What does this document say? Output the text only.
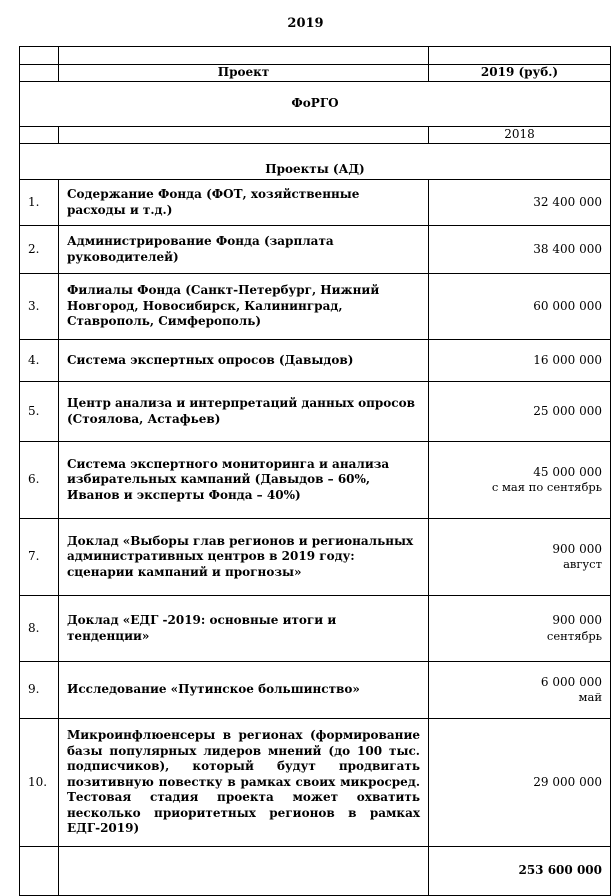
2019

	Проект	2019 (руб.)
ФоРГО		
		2018
Проекты (АД)		
1.	Содержание Фонда (ФОТ, хозяйственные расходы и т.д.)	32 400 000
2.	Администрирование Фонда (зарплата руководителей)	38 400 000
3.	Филиалы Фонда (Санкт-Петербург, Нижний Новгород, Новосибирск, Калининград, Ставрополь, Симферополь)	60 000 000
4.	Система экспертных опросов (Давыдов)	16 000 000
5.	Центр анализа и интерпретаций данных опросов (Стоялова, Астафьев)	25 000 000
6.	Система экспертного мониторинга и анализа избирательных кампаний (Давыдов – 60%, Иванов и эксперты Фонда – 40%)	45 000 000
с мая по сентябрь

7.	Доклад «Выборы глав регионов и региональных административных центров в 2019 году: сценарии кампаний и прогнозы»	900 000
август

8.	Доклад «ЕДГ -2019: основные итоги и тенденции»	900 000
сентябрь

9.	Исследование «Путинское большинство»	6 000 000
май

10.	Микроинфлюенсеры в регионах (формирование базы популярных лидеров мнений (до 100 тыс. подписчиков), который будут продвигать позитивную повестку в рамках своих микросред. Тестовая стадия проекта может охватить несколько приоритетных регионов в рамках ЕДГ-2019)	29 000 000
		253 600 000
